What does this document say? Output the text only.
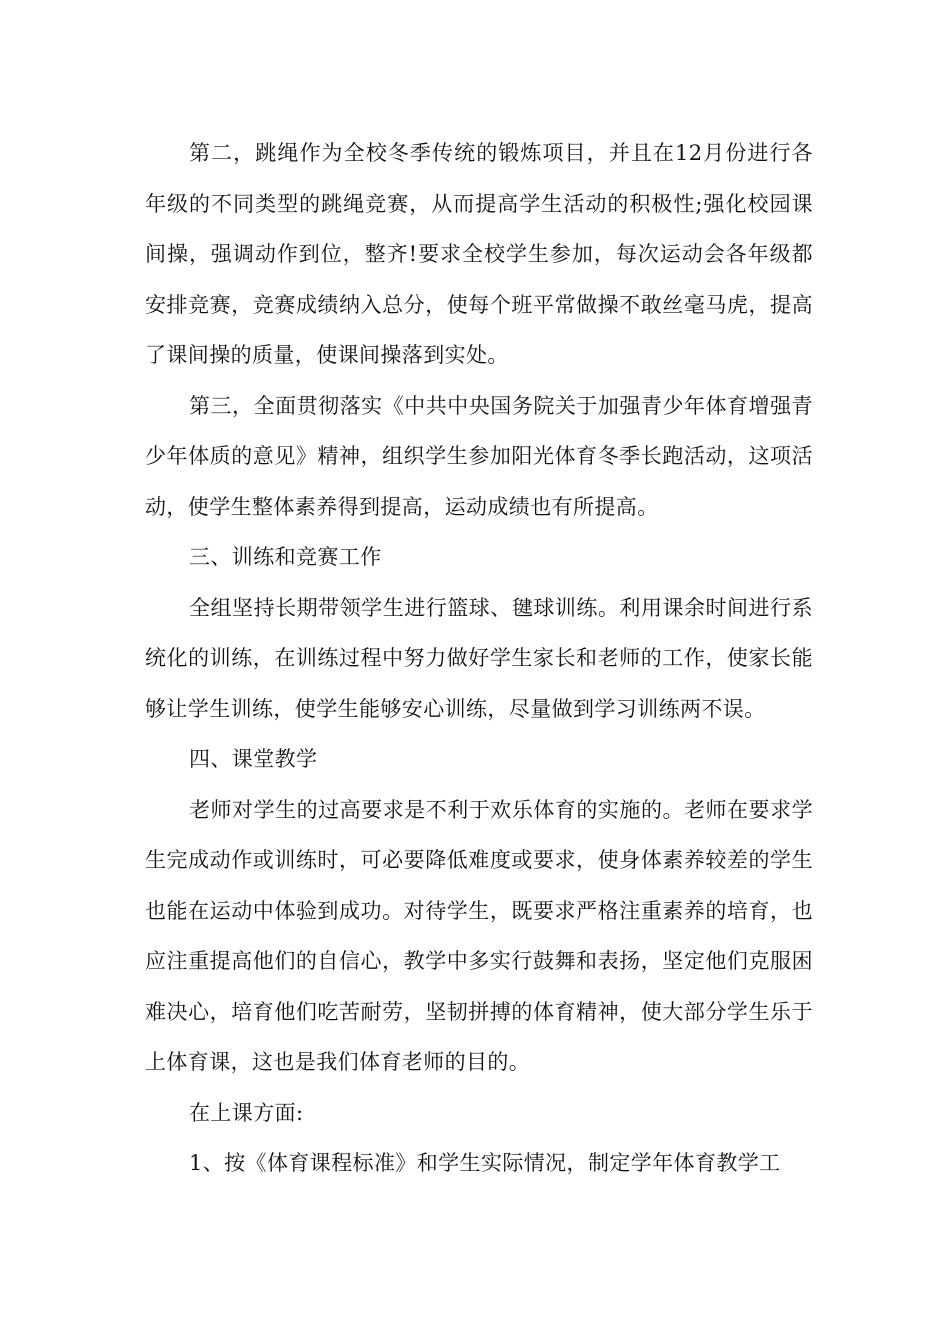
第二，跳绳作为全校冬季传统的锻炼项目，并且在12月份进行各年级的不同类型的跳绳竞赛，从而提高学生活动的积极性;强化校园课间操，强调动作到位，整齐!要求全校学生参加，每次运动会各年级都安排竞赛，竞赛成绩纳入总分，使每个班平常做操不敢丝毫马虎，提高了课间操的质量，使课间操落到实处。

第三，全面贯彻落实《中共中央国务院关于加强青少年体育增强青少年体质的意见》精神，组织学生参加阳光体育冬季长跑活动，这项活动，使学生整体素养得到提高，运动成绩也有所提高。

三、训练和竞赛工作

全组坚持长期带领学生进行篮球、毽球训练。利用课余时间进行系统化的训练，在训练过程中努力做好学生家长和老师的工作，使家长能够让学生训练，使学生能够安心训练，尽量做到学习训练两不误。

四、课堂教学

老师对学生的过高要求是不利于欢乐体育的实施的。老师在要求学生完成动作或训练时，可必要降低难度或要求，使身体素养较差的学生也能在运动中体验到成功。对待学生，既要求严格注重素养的培育，也应注重提高他们的自信心，教学中多实行鼓舞和表扬，坚定他们克服困难决心，培育他们吃苦耐劳，坚韧拼搏的体育精神，使大部分学生乐于上体育课，这也是我们体育老师的目的。

在上课方面:

1、按《体育课程标准》和学生实际情况，制定学年体育教学工
